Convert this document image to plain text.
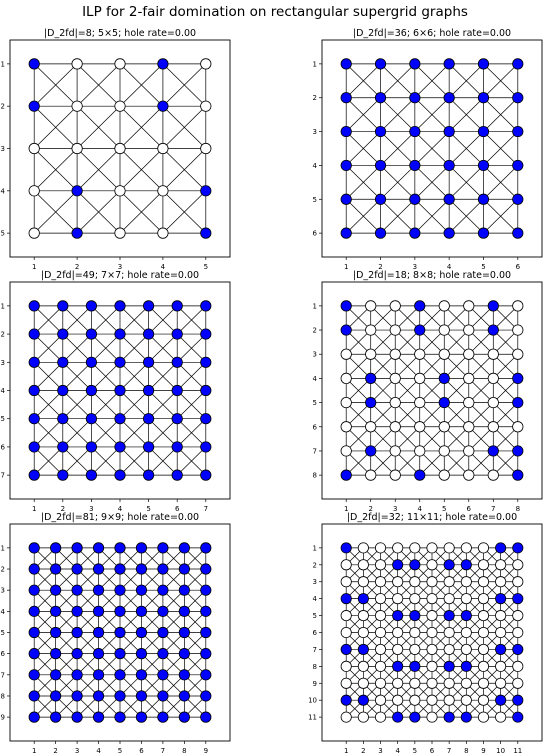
ILP for 2-fair domination on rectangular supergrid graphs
|D_2fd|=8; 5×5; hole rate=0.00
1
1
2
2
3
3
4
4
5
5
|D_2fd|=36; 6×6; hole rate=0.00
1
1
2
2
3
3
4
4
5
5
6
6
|D_2fd|=49; 7×7; hole rate=0.00
1
1
2
2
3
3
4
4
5
5
6
6
7
7
|D_2fd|=18; 8×8; hole rate=0.00
1
1
2
2
3
3
4
4
5
5
6
6
7
7
8
8
|D_2fd|=81; 9×9; hole rate=0.00
1
1
2
2
3
3
4
4
5
5
6
6
7
7
8
8
9
9
|D_2fd|=32; 11×11; hole rate=0.00
1
1
2
2
3
3
4
4
5
5
6
6
7
7
8
8
9
9
10
10
11
11
